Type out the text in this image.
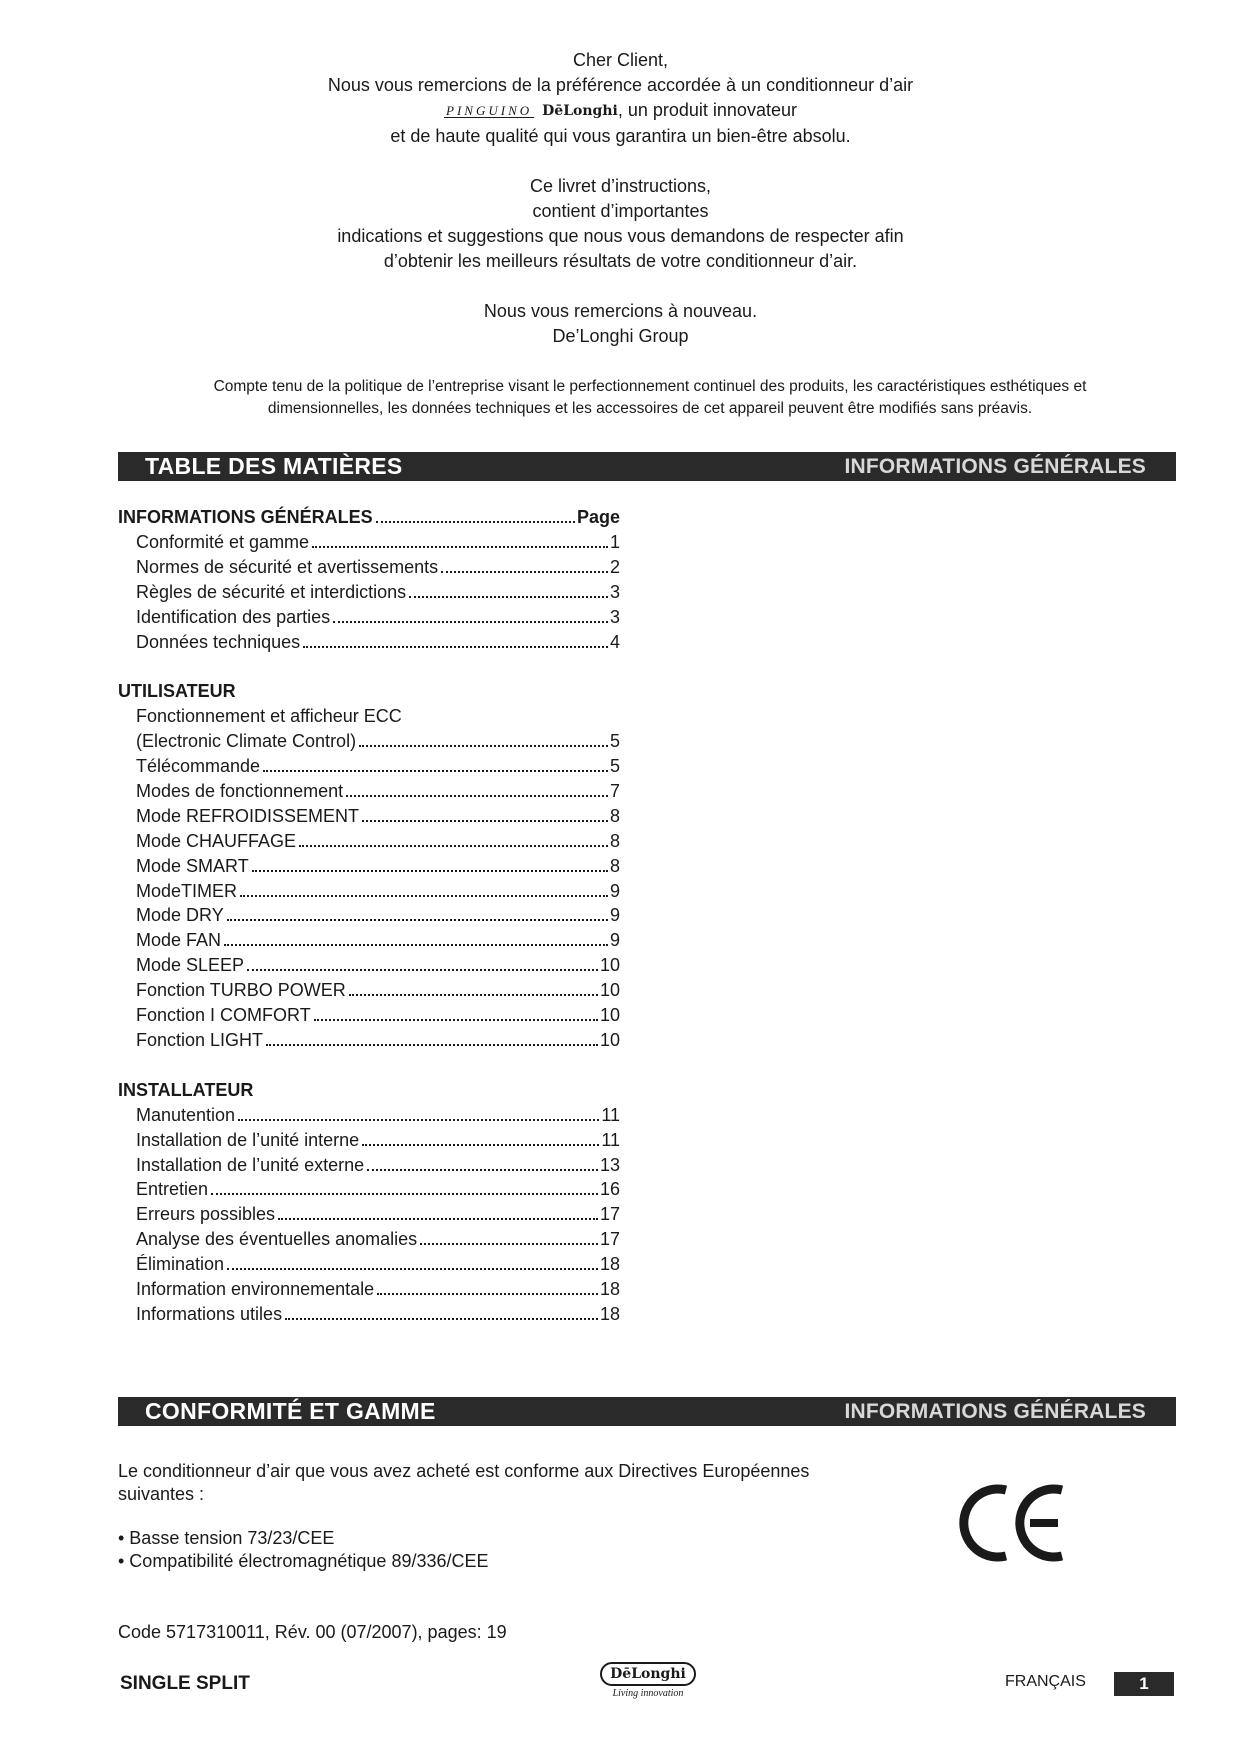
Cher Client,

Nous vous remercions de la préférence accordée à un conditionneur d’air

PINGUINO DēLonghi , un produit innovateur

et de haute qualité qui vous garantira un bien-être absolu.

Ce livret d’instructions,

contient d’importantes

indications et suggestions que nous vous demandons de respecter afin

d’obtenir les meilleurs résultats de votre conditionneur d’air.

Nous vous remercions à nouveau.

De’Longhi Group

Compte tenu de la politique de l’entreprise visant le perfectionnement continuel des produits, les caractéristiques esthétiques et
dimensionnelles, les données techniques et les accessoires de cet appareil peuvent être modifiés sans préavis.
TABLE DES MATIÈRES	INFORMATIONS GÉNÉRALES
INFORMATIONS GÉNÉRALES	Page
Conformité et gamme	1
Normes de sécurité et avertissements	2
Règles de sécurité et interdictions	3
Identification des parties	3
Données techniques	4
UTILISATEUR
Fonctionnement et afficheur ECC
(Electronic Climate Control)	5
Télécommande	5
Modes de fonctionnement	7
Mode REFROIDISSEMENT	8
Mode CHAUFFAGE	8
Mode SMART	8
ModeTIMER	9
Mode DRY	9
Mode FAN	9
Mode SLEEP	10
Fonction TURBO POWER	10
Fonction I COMFORT	10
Fonction LIGHT	10
INSTALLATEUR
Manutention	11
Installation de l’unité interne	11
Installation de l’unité externe	13
Entretien	16
Erreurs possibles	17
Analyse des éventuelles anomalies	17
Élimination	18
Information environnementale	18
Informations utiles	18
CONFORMITÉ ET GAMME	INFORMATIONS GÉNÉRALES

Le conditionneur d’air que vous avez acheté est conforme aux Directives Européennes

suivantes :

• Basse tension 73/23/CEE

• Compatibilité électromagnétique 89/336/CEE

Code 5717310011, Rév. 00 (07/2007), pages: 19
SINGLE SPLIT	DēLonghi
Living innovation
FRANÇAIS	1
